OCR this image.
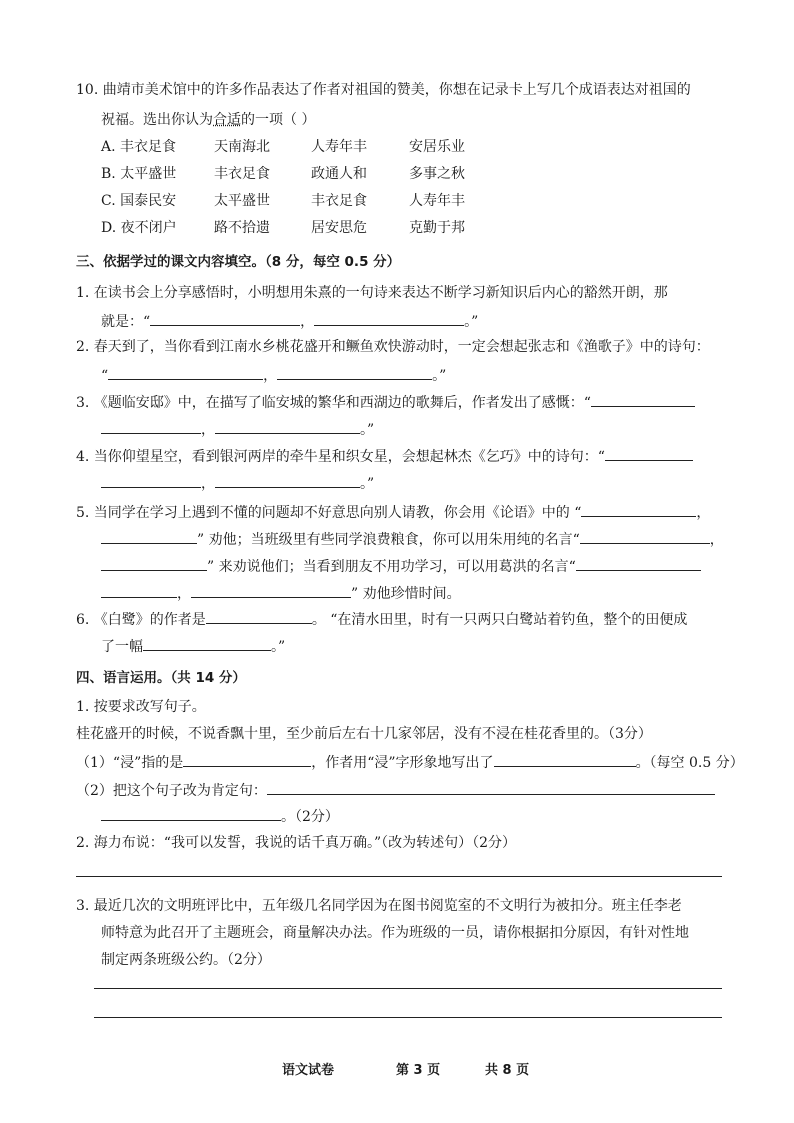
10. 曲靖市美术馆中的许多作品表达了作者对祖国的赞美，你想在记录卡上写几个成语表达对祖国的
祝福。选出你认为合适的一项（ ）
A. 丰衣足食	天南海北	人寿年丰	安居乐业
B. 太平盛世	丰衣足食	政通人和	多事之秋
C. 国泰民安	太平盛世	丰衣足食	人寿年丰
D. 夜不闭户	路不拾遗	居安思危	克勤于邦
三、依据学过的课文内容填空。（8 分，每空 0.5 分）
1. 在读书会上分享感悟时，小明想用朱熹的一句诗来表达不断学习新知识后内心的豁然开朗，那
就是：“	，	。”
2. 春天到了，当你看到江南水乡桃花盛开和鳜鱼欢快游动时，一定会想起张志和《渔歌子》中的诗句：
“	，	。”
3. 《题临安邸》中，在描写了临安城的繁华和西湖边的歌舞后，作者发出了感慨：“
，	。”
4. 当你仰望星空，看到银河两岸的牵牛星和织女星，会想起林杰《乞巧》中的诗句：“
，	。”
5. 当同学在学习上遇到不懂的问题却不好意思向别人请教，你会用《论语》中的 “	，
” 劝他；当班级里有些同学浪费粮食，你可以用朱用纯的名言“	，
” 来劝说他们；当看到朋友不用功学习，可以用葛洪的名言“
，	” 劝他珍惜时间。
6. 《白鹭》的作者是	。 “在清水田里，时有一只两只白鹭站着钓鱼，整个的田便成
了一幅	。”
四、语言运用。（共 14 分）
1. 按要求改写句子。
桂花盛开的时候，不说香飘十里，至少前后左右十几家邻居，没有不浸在桂花香里的。（3分）
（1）“浸”指的是	，作者用“浸”字形象地写出了	。（每空 0.5 分）
（2）把这个句子改为肯定句：
。（2分）
2. 海力布说：“我可以发誓，我说的话千真万确。”（改为转述句）（2分）
3. 最近几次的文明班评比中，五年级几名同学因为在图书阅览室的不文明行为被扣分。班主任李老
师特意为此召开了主题班会，商量解决办法。作为班级的一员，请你根据扣分原因，有针对性地
制定两条班级公约。（2分）
语文试卷	第 3 页	共 8 页
